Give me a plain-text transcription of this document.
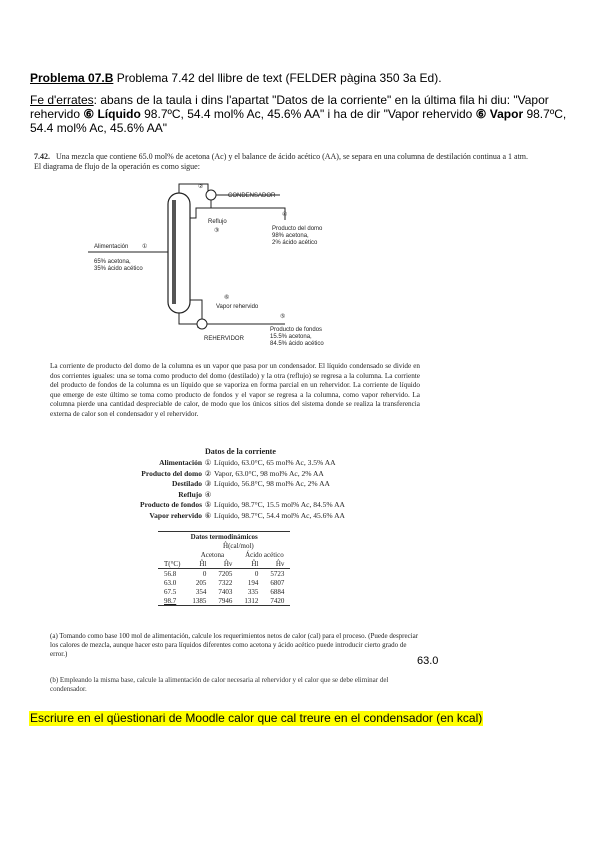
Problema 07.B Problema 7.42 del llibre de text (FELDER pàgina 350 3a Ed).
Fe d'errates: abans de la taula i dins l'apartat "Datos de la corriente" en la última fila hi diu: "Vapor rehervido ⑥ Líquido 98.7ºC, 54.4 mol% Ac, 45.6% AA" i ha de dir "Vapor rehervido ⑥ Vapor 98.7ºC, 54.4 mol% Ac, 45.6% AA"
7.42. Una mezcla que contiene 65.0 mol% de acetona (Ac) y el balance de ácido acético (AA), se separa en una columna de destilación continua a 1 atm. El diagrama de flujo de la operación es como sigue:
CONDENSADOR
②
Reflujo
③
④
Producto del domo
98% acetona,
2% ácido acético
Alimentación ①
65% acetona,
35% ácido acético
⑥
Vapor rehervido
⑤
REHERVIDOR
Producto de fondos
15.5% acetona,
84.5% ácido acético
La corriente de producto del domo de la columna es un vapor que pasa por un condensador. El líquido condensado se divide en dos corrientes iguales: una se toma como producto del domo (destilado) y la otra (reflujo) se regresa a la columna. La corriente del producto de fondos de la columna es un líquido que se vaporiza en forma parcial en un rehervidor. La corriente de líquido que emerge de este último se toma como producto de fondos y el vapor se regresa a la columna, como vapor rehervido. La columna pierde una cantidad despreciable de calor, de modo que los únicos sitios del sistema donde se realiza la transferencia externa de calor son el condensador y el rehervidor.
Datos de la corriente
Alimentación ① Líquido, 63.0°C, 65 mol% Ac, 3.5% AA
Producto del domo ② Vapor, 63.0°C, 98 mol% Ac, 2% AA
Destilado ③ Líquido, 56.8°C, 98 mol% Ac, 2% AA
Reflujo ④
Producto de fondos ⑤ Líquido, 98.7°C, 15.5 mol% Ac, 84.5% AA
Vapor rehervido ⑥ Líquido, 98.7°C, 54.4 mol% Ac, 45.6% AA
Datos termodinámicos				
	Ĥ(cal/mol)			
	Acetona		Ácido acético	
T(°C)	Ĥl	Ĥv	Ĥl	Ĥv
56.8	0	7205	0	5723
63.0	205	7322	194	6807
67.5	354	7403	335	6884
98.7	1385	7946	1312	7420
(a) Tomando como base 100 mol de alimentación, calcule los requerimientos netos de calor (cal) para el proceso. (Puede despreciar los calores de mezcla, aunque hacer esto para líquidos diferentes como acetona y ácido acético puede introducir cierto grado de error.)
63.0
(b) Empleando la misma base, calcule la alimentación de calor necesaria al rehervidor y el calor que se debe eliminar del condensador.
Escriure en el qüestionari de Moodle calor que cal treure en el condensador (en kcal)
